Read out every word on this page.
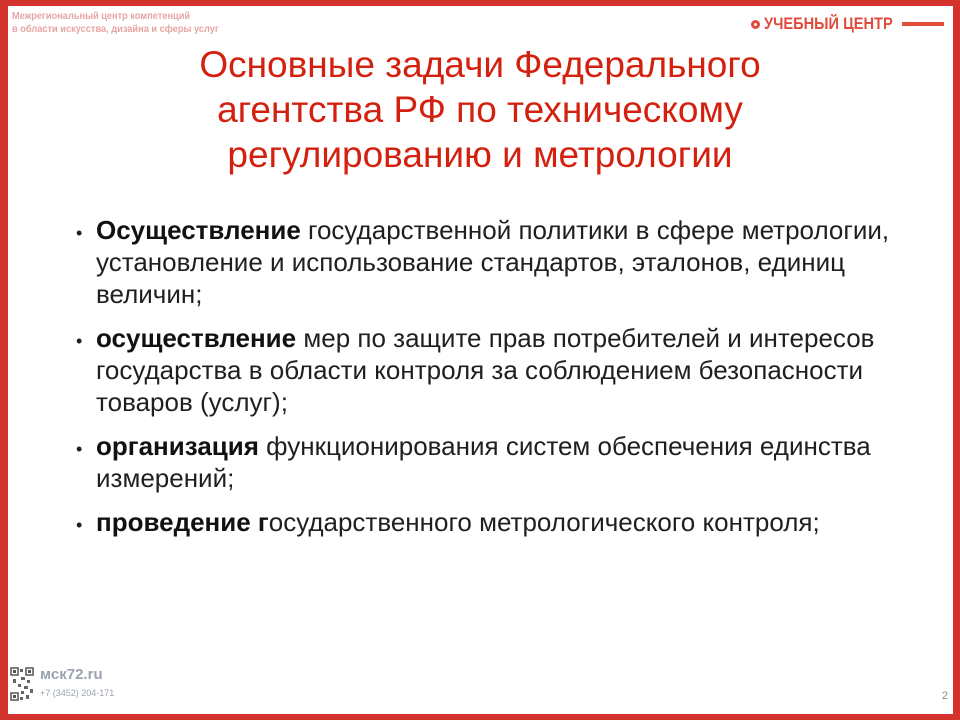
Межрегиональный центр компетенций
в области искусства, дизайна и сферы услуг	УЧЕБНЫЙ ЦЕНТР
Основные задачи Федерального
агентства РФ по техническому
регулированию и метрологии
• Осуществление государственной политики в сфере метрологии, установление и использование стандартов, эталонов, единиц величин;
• осуществление мер по защите прав потребителей и интересов государства в области контроля за соблюдением безопасности товаров (услуг);
• организация функционирования систем обеспечения единства измерений;
• проведение государственного метрологического контроля;
мск72.ru
+7 (3452) 204-171	2
